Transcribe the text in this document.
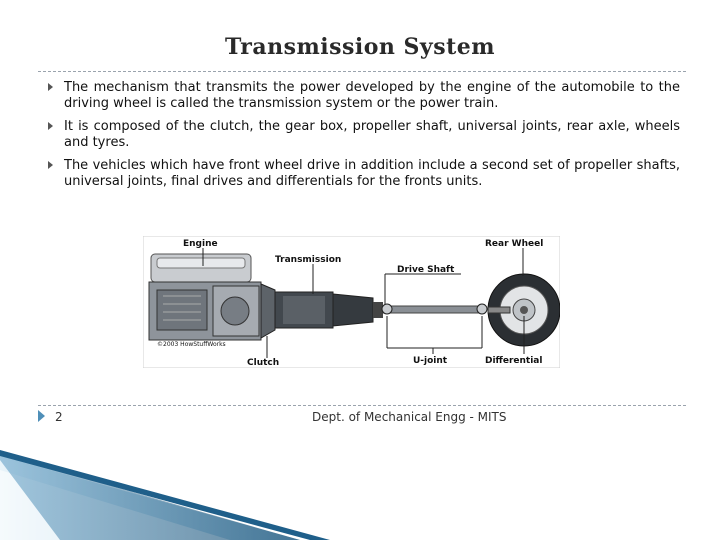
Transmission System
The mechanism that transmits the power developed by the engine of the automobile to the driving wheel is called the transmission system or the power train.
It is composed of the clutch, the gear box, propeller shaft, universal joints, rear axle, wheels and tyres.
The vehicles which have front wheel drive in addition include a second set of propeller shafts, universal joints, final drives and differentials for the fronts units.
Engine
Transmission
Drive Shaft
Rear Wheel
Clutch	U-joint	Differential
©2003 HowStuffWorks
2	Dept. of Mechanical Engg - MITS
